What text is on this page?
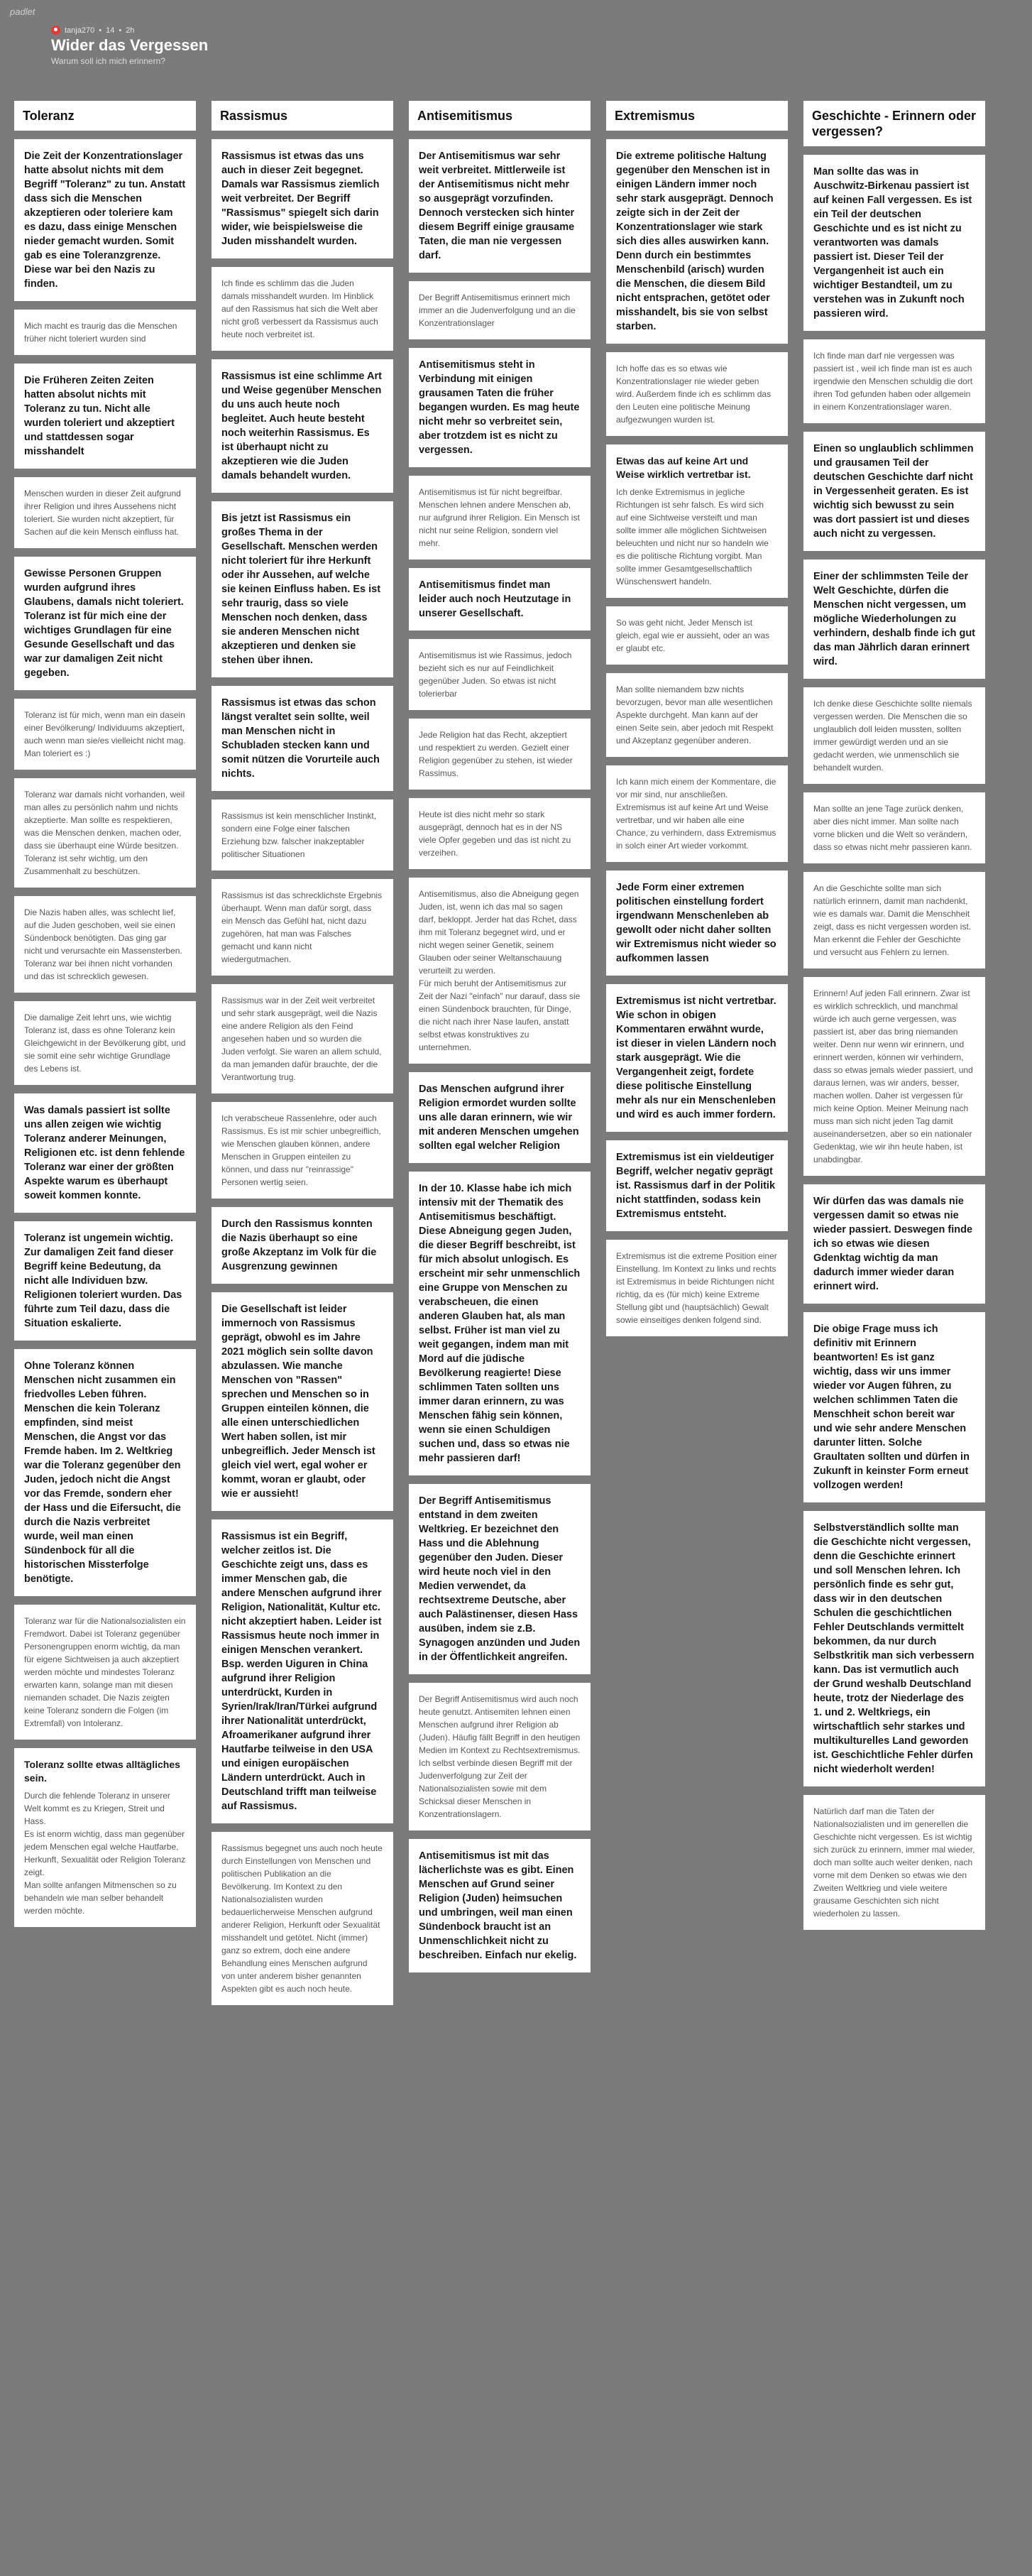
padlet
tanja270 • 14 • 2h
Wider das Vergessen
Warum soll ich mich erinnern?
Toleranz
Die Zeit der Konzentrationslager hatte absolut nichts mit dem Begriff "Toleranz" zu tun. Anstatt dass sich die Menschen akzeptieren oder toleriere kam es dazu, dass einige Menschen nieder gemacht wurden. Somit gab es eine Toleranzgrenze. Diese war bei den Nazis zu finden.
Mich macht es traurig das die Menschen früher nicht toleriert wurden sind
Die Früheren Zeiten Zeiten hatten absolut nichts mit Toleranz zu tun. Nicht alle wurden toleriert und akzeptiert und stattdessen sogar misshandelt
Menschen wurden in dieser Zeit aufgrund ihrer Religion und ihres Aussehens nicht toleriert. Sie wurden nicht akzeptiert, für Sachen auf die kein Mensch einfluss hat.
Gewisse Personen Gruppen wurden aufgrund ihres Glaubens, damals nicht toleriert. Toleranz ist für mich eine der wichtiges Grundlagen für eine Gesunde Gesellschaft und das war zur damaligen Zeit nicht gegeben.
Toleranz ist für mich, wenn man ein dasein einer Bevölkerung/ Individuums akzeptiert, auch wenn man sie/es vielleicht nicht mag. Man toleriert es :)
Toleranz war damals nicht vorhanden, weil man alles zu persönlich nahm und nichts akzeptierte. Man sollte es respektieren, was die Menschen denken, machen oder, dass sie überhaupt eine Würde besitzen. Toleranz ist sehr wichtig, um den Zusammenhalt zu beschützen.
Die Nazis haben alles, was schlecht lief, auf die Juden geschoben, weil sie einen Sündenbock benötigten. Das ging gar nicht und verursachte ein Massensterben. Toleranz war bei ihnen nicht vorhanden und das ist schrecklich gewesen.
Die damalige Zeit lehrt uns, wie wichtig Toleranz ist, dass es ohne Toleranz kein Gleichgewicht in der Bevölkerung gibt, und sie somit eine sehr wichtige Grundlage des Lebens ist.
Was damals passiert ist sollte uns allen zeigen wie wichtig Toleranz anderer Meinungen, Religionen etc. ist denn fehlende Toleranz war einer der größten Aspekte warum es überhaupt soweit kommen konnte.
Toleranz ist ungemein wichtig. Zur damaligen Zeit fand dieser Begriff keine Bedeutung, da nicht alle Individuen bzw. Religionen toleriert wurden. Das führte zum Teil dazu, dass die Situation eskalierte.
Ohne Toleranz können Menschen nicht zusammen ein friedvolles Leben führen. Menschen die kein Toleranz empfinden, sind meist Menschen, die Angst vor das Fremde haben. Im 2. Weltkrieg war die Toleranz gegenüber den Juden, jedoch nicht die Angst vor das Fremde, sondern eher der Hass und die Eifersucht, die durch die Nazis verbreitet wurde, weil man einen Sündenbock für all die historischen Missterfolge benötigte.
Toleranz war für die Nationalsozialisten ein Fremdwort. Dabei ist Toleranz gegenüber Personengruppen enorm wichtig, da man für eigene Sichtweisen ja auch akzeptiert werden möchte und mindestes Toleranz erwarten kann, solange man mit diesen niemanden schadet. Die Nazis zeigten keine Toleranz sondern die Folgen (im Extremfall) von Intoleranz.
Toleranz sollte etwas alltägliches sein.
Durch die fehlende Toleranz in unserer Welt kommt es zu Kriegen, Streit und Hass.
Es ist enorm wichtig, dass man gegenüber jedem Menschen egal welche Hautfarbe, Herkunft, Sexualität oder Religion Toleranz zeigt.
Man sollte anfangen Mitmenschen so zu behandeln wie man selber behandelt werden möchte.
Rassismus
Rassismus ist etwas das uns auch in dieser Zeit begegnet. Damals war Rassismus ziemlich weit verbreitet. Der Begriff "Rassismus" spiegelt sich darin wider, wie beispielsweise die Juden misshandelt wurden.
Ich finde es schlimm das die Juden damals misshandelt wurden. Im Hinblick auf den Rassismus hat sich die Welt aber nicht groß verbessert da Rassismus auch heute noch verbreitet ist.
Rassismus ist eine schlimme Art und Weise gegenüber Menschen du uns auch heute noch begleitet. Auch heute besteht noch weiterhin Rassismus. Es ist überhaupt nicht zu akzeptieren wie die Juden damals behandelt wurden.
Bis jetzt ist Rassismus ein großes Thema in der Gesellschaft. Menschen werden nicht toleriert für ihre Herkunft oder ihr Aussehen, auf welche sie keinen Einfluss haben. Es ist sehr traurig, dass so viele Menschen noch denken, dass sie anderen Menschen nicht akzeptieren und denken sie stehen über ihnen.
Rassismus ist etwas das schon längst veraltet sein sollte, weil man Menschen nicht in Schubladen stecken kann und somit nützen die Vorurteile auch nichts.
Rassismus ist kein menschlicher Instinkt, sondern eine Folge einer falschen Erziehung bzw. falscher inakzeptabler politischer Situationen
Rassismus ist das schrecklichste Ergebnis überhaupt. Wenn man dafür sorgt, dass ein Mensch das Gefühl hat, nicht dazu zugehören, hat man was Falsches gemacht und kann nicht wiedergutmachen.
Rassismus war in der Zeit weit verbreitet und sehr stark ausgeprägt, weil die Nazis eine andere Religion als den Feind angesehen haben und so wurden die Juden verfolgt. Sie waren an allem schuld, da man jemanden dafür brauchte, der die Verantwortung trug.
Ich verabscheue Rassenlehre, oder auch Rassismus. Es ist mir schier unbegreiflich, wie Menschen glauben können, andere Menschen in Gruppen einteilen zu können, und dass nur "reinrassige" Personen wertig seien.
Durch den Rassismus konnten die Nazis überhaupt so eine große Akzeptanz im Volk für die Ausgrenzung gewinnen
Die Gesellschaft ist leider immernoch von Rassismus geprägt, obwohl es im Jahre 2021 möglich sein sollte davon abzulassen. Wie manche Menschen von "Rassen" sprechen und Menschen so in Gruppen einteilen können, die alle einen unterschiedlichen Wert haben sollen, ist mir unbegreiflich. Jeder Mensch ist gleich viel wert, egal woher er kommt, woran er glaubt, oder wie er aussieht!
Rassismus ist ein Begriff, welcher zeitlos ist. Die Geschichte zeigt uns, dass es immer Menschen gab, die andere Menschen aufgrund ihrer Religion, Nationalität, Kultur etc. nicht akzeptiert haben. Leider ist Rassismus heute noch immer in einigen Menschen verankert. Bsp. werden Uiguren in China aufgrund ihrer Religion unterdrückt, Kurden in Syrien/Irak/Iran/Türkei aufgrund ihrer Nationalität unterdrückt, Afroamerikaner aufgrund ihrer Hautfarbe teilweise in den USA und einigen europäischen Ländern unterdrückt. Auch in Deutschland trifft man teilweise auf Rassismus.
Rassismus begegnet uns auch noch heute durch Einstellungen von Menschen und politischen Publikation an die Bevölkerung. Im Kontext zu den Nationalsozialisten wurden bedauerlicherweise Menschen aufgrund anderer Religion, Herkunft oder Sexualität misshandelt und getötet. Nicht (immer) ganz so extrem, doch eine andere Behandlung eines Menschen aufgrund von unter anderem bisher genannten Aspekten gibt es auch noch heute.
Antisemitismus
Der Antisemitismus war sehr weit verbreitet. Mittlerweile ist der Antisemitismus nicht mehr so ausgeprägt vorzufinden. Dennoch verstecken sich hinter diesem Begriff einige grausame Taten, die man nie vergessen darf.
Der Begriff Antisemitismus erinnert mich immer an die Judenverfolgung und an die Konzentrationslager
Antisemitismus steht in Verbindung mit einigen grausamen Taten die früher begangen wurden. Es mag heute nicht mehr so verbreitet sein, aber trotzdem ist es nicht zu vergessen.
Antisemitismus ist für nicht begreifbar. Menschen lehnen andere Menschen ab, nur aufgrund ihrer Religion. Ein Mensch ist nicht nur seine Religion, sondern viel mehr.
Antisemitismus findet man leider auch noch Heutzutage in unserer Gesellschaft.
Antisemitismus ist wie Rassimus, jedoch bezieht sich es nur auf Feindlichkeit gegenüber Juden. So etwas ist nicht tolerierbar
Jede Religion hat das Recht, akzeptiert und respektiert zu werden. Gezielt einer Religion gegenüber zu stehen, ist wieder Rassimus.
Heute ist dies nicht mehr so stark ausgeprägt, dennoch hat es in der NS viele Opfer gegeben und das ist nicht zu verzeihen.
Antisemitismus, also die Abneigung gegen Juden, ist, wenn ich das mal so sagen darf, bekloppt. Jerder hat das Rchet, dass ihm mit Toleranz begegnet wird, und er nicht wegen seiner Genetik, seinem Glauben oder seiner Weltanschauung verurteilt zu werden.
Für mich beruht der Antisemitismus zur Zeit der Nazi "einfach" nur darauf, dass sie einen Sündenbock brauchten, für Dinge, die nicht nach ihrer Nase laufen, anstatt selbst etwas konstruktives zu unternehmen.
Das Menschen aufgrund ihrer Religion ermordet wurden sollte uns alle daran erinnern, wie wir mit anderen Menschen umgehen sollten egal welcher Religion
In der 10. Klasse habe ich mich intensiv mit der Thematik des Antisemitismus beschäftigt. Diese Abneigung gegen Juden, die dieser Begriff beschreibt, ist für mich absolut unlogisch. Es erscheint mir sehr unmenschlich eine Gruppe von Menschen zu verabscheuen, die einen anderen Glauben hat, als man selbst. Früher ist man viel zu weit gegangen, indem man mit Mord auf die jüdische Bevölkerung reagierte! Diese schlimmen Taten sollten uns immer daran erinnern, zu was Menschen fähig sein können, wenn sie einen Schuldigen suchen und, dass so etwas nie mehr passieren darf!
Der Begriff Antisemitismus entstand in dem zweiten Weltkrieg. Er bezeichnet den Hass und die Ablehnung gegenüber den Juden. Dieser wird heute noch viel in den Medien verwendet, da rechtsextreme Deutsche, aber auch Palästinenser, diesen Hass ausüben, indem sie z.B. Synagogen anzünden und Juden in der Öffentlichkeit angreifen.
Der Begriff Antisemitismus wird auch noch heute genutzt. Antisemiten lehnen einen Menschen aufgrund ihrer Religion ab (Juden). Häufig fällt Begriff in den heutigen Medien im Kontext zu Rechtsextremismus. Ich selbst verbinde diesen Begriff mit der Judenverfolgung zur Zeit der Nationalsozialisten sowie mit dem Schicksal dieser Menschen in Konzentrationslagern.
Antisemitismus ist mit das lächerlichste was es gibt. Einen Menschen auf Grund seiner Religion (Juden) heimsuchen und umbringen, weil man einen Sündenbock braucht ist an Unmenschlichkeit nicht zu beschreiben. Einfach nur ekelig.
Extremismus
Die extreme politische Haltung gegenüber den Menschen ist in einigen Ländern immer noch sehr stark ausgeprägt. Dennoch zeigte sich in der Zeit der Konzentrationslager wie stark sich dies alles auswirken kann. Denn durch ein bestimmtes Menschenbild (arisch) wurden die Menschen, die diesem Bild nicht entsprachen, getötet oder misshandelt, bis sie von selbst starben.
Ich hoffe das es so etwas wie Konzentrationslager nie wieder geben wird. Außerdem finde ich es schlimm das den Leuten eine politische Meinung aufgezwungen wurden ist.
Etwas das auf keine Art und Weise wirklich vertretbar ist.
Ich denke Extremismus in jegliche Richtungen ist sehr falsch. Es wird sich auf eine Sichtweise versteift und man sollte immer alle möglichen Sichtweisen beleuchten und nicht nur so handeln wie es die politische Richtung vorgibt. Man sollte immer Gesamtgesellschaftlich Wünschenswert handeln.
So was geht nicht. Jeder Mensch ist gleich, egal wie er aussieht, oder an was er glaubt etc.
Man sollte niemandem bzw nichts bevorzugen, bevor man alle wesentlichen Aspekte durchgeht. Man kann auf der einen Seite sein, aber jedoch mit Respekt und Akzeptanz gegenüber anderen.
Ich kann mich einem der Kommentare, die vor mir sind, nur anschließen. Extremismus ist auf keine Art und Weise vertretbar, und wir haben alle eine Chance, zu verhindern, dass Extremismus in solch einer Art wieder vorkommt.
Jede Form einer extremen politischen einstellung fordert irgendwann Menschenleben ab gewollt oder nicht daher sollten wir Extremismus nicht wieder so aufkommen lassen
Extremismus ist nicht vertretbar. Wie schon in obigen Kommentaren erwähnt wurde, ist dieser in vielen Ländern noch stark ausgeprägt. Wie die Vergangenheit zeigt, fordete diese politische Einstellung mehr als nur ein Menschenleben und wird es auch immer fordern.
Extremismus ist ein vieldeutiger Begriff, welcher negativ geprägt ist. Rassismus darf in der Politik nicht stattfinden, sodass kein Extremismus entsteht.
Extremismus ist die extreme Position einer Einstellung. Im Kontext zu links und rechts ist Extremismus in beide Richtungen nicht richtig, da es (für mich) keine Extreme Stellung gibt und (hauptsächlich) Gewalt sowie einseitiges denken folgend sind.
Geschichte - Erinnern oder vergessen?
Man sollte das was in Auschwitz-Birkenau passiert ist auf keinen Fall vergessen. Es ist ein Teil der deutschen Geschichte und es ist nicht zu verantworten was damals passiert ist. Dieser Teil der Vergangenheit ist auch ein wichtiger Bestandteil, um zu verstehen was in Zukunft noch passieren wird.
Ich finde man darf nie vergessen was passiert ist , weil ich finde man ist es auch irgendwie den Menschen schuldig die dort ihren Tod gefunden haben oder allgemein in einem Konzentrationslager waren.
Einen so unglaublich schlimmen und grausamen Teil der deutschen Geschichte darf nicht in Vergessenheit geraten. Es ist wichtig sich bewusst zu sein was dort passiert ist und dieses auch nicht zu vergessen.
Einer der schlimmsten Teile der Welt Geschichte, dürfen die Menschen nicht vergessen, um mögliche Wiederholungen zu verhindern, deshalb finde ich gut das man Jährlich daran erinnert wird.
Ich denke diese Geschichte sollte niemals vergessen werden. Die Menschen die so unglaublich doll leiden mussten, sollten immer gewürdigt werden und an sie gedacht werden, wie unmenschlich sie behandelt wurden.
Man sollte an jene Tage zurück denken, aber dies nicht immer. Man sollte nach vorne blicken und die Welt so verändern, dass so etwas nicht mehr passieren kann.
An die Geschichte sollte man sich natürlich erinnern, damit man nachdenkt, wie es damals war. Damit die Menschheit zeigt, dass es nicht vergessen worden ist. Man erkennt die Fehler der Geschichte und versucht aus Fehlern zu lernen.
Erinnern! Auf jeden Fall erinnern. Zwar ist es wirklich schrecklich, und manchmal würde ich auch gerne vergessen, was passiert ist, aber das bring niemanden weiter. Denn nur wenn wir erinnern, und erinnert werden, können wir verhindern, dass so etwas jemals wieder passiert, und daraus lernen, was wir anders, besser, machen wollen. Daher ist vergessen für mich keine Option. Meiner Meinung nach muss man sich nicht jeden Tag damit auseinandersetzen, aber so ein nationaler Gedenktag, wie wir ihn heute haben, ist unabdingbar.
Wir dürfen das was damals nie vergessen damit so etwas nie wieder passiert. Deswegen finde ich so etwas wie diesen Gdenktag wichtig da man dadurch immer wieder daran erinnert wird.
Die obige Frage muss ich definitiv mit Erinnern beantworten! Es ist ganz wichtig, dass wir uns immer wieder vor Augen führen, zu welchen schlimmen Taten die Menschheit schon bereit war und wie sehr andere Menschen darunter litten. Solche Graultaten sollten und dürfen in Zukunft in keinster Form erneut vollzogen werden!
Selbstverständlich sollte man die Geschichte nicht vergessen, denn die Geschichte erinnert und soll Menschen lehren. Ich persönlich finde es sehr gut, dass wir in den deutschen Schulen die geschichtlichen Fehler Deutschlands vermittelt bekommen, da nur durch Selbstkritik man sich verbessern kann. Das ist vermutlich auch der Grund weshalb Deutschland heute, trotz der Niederlage des 1. und 2. Weltkriegs, ein wirtschaftlich sehr starkes und multikulturelles Land geworden ist. Geschichtliche Fehler dürfen nicht wiederholt werden!
Natürlich darf man die Taten der Nationalsozialisten und im generellen die Geschichte nicht vergessen. Es ist wichtig sich zurück zu erinnern, immer mal wieder, doch man sollte auch weiter denken, nach vorne mit dem Denken so etwas wie den Zweiten Weltkrieg und viele weitere grausame Geschichten sich nicht wiederholen zu lassen.
